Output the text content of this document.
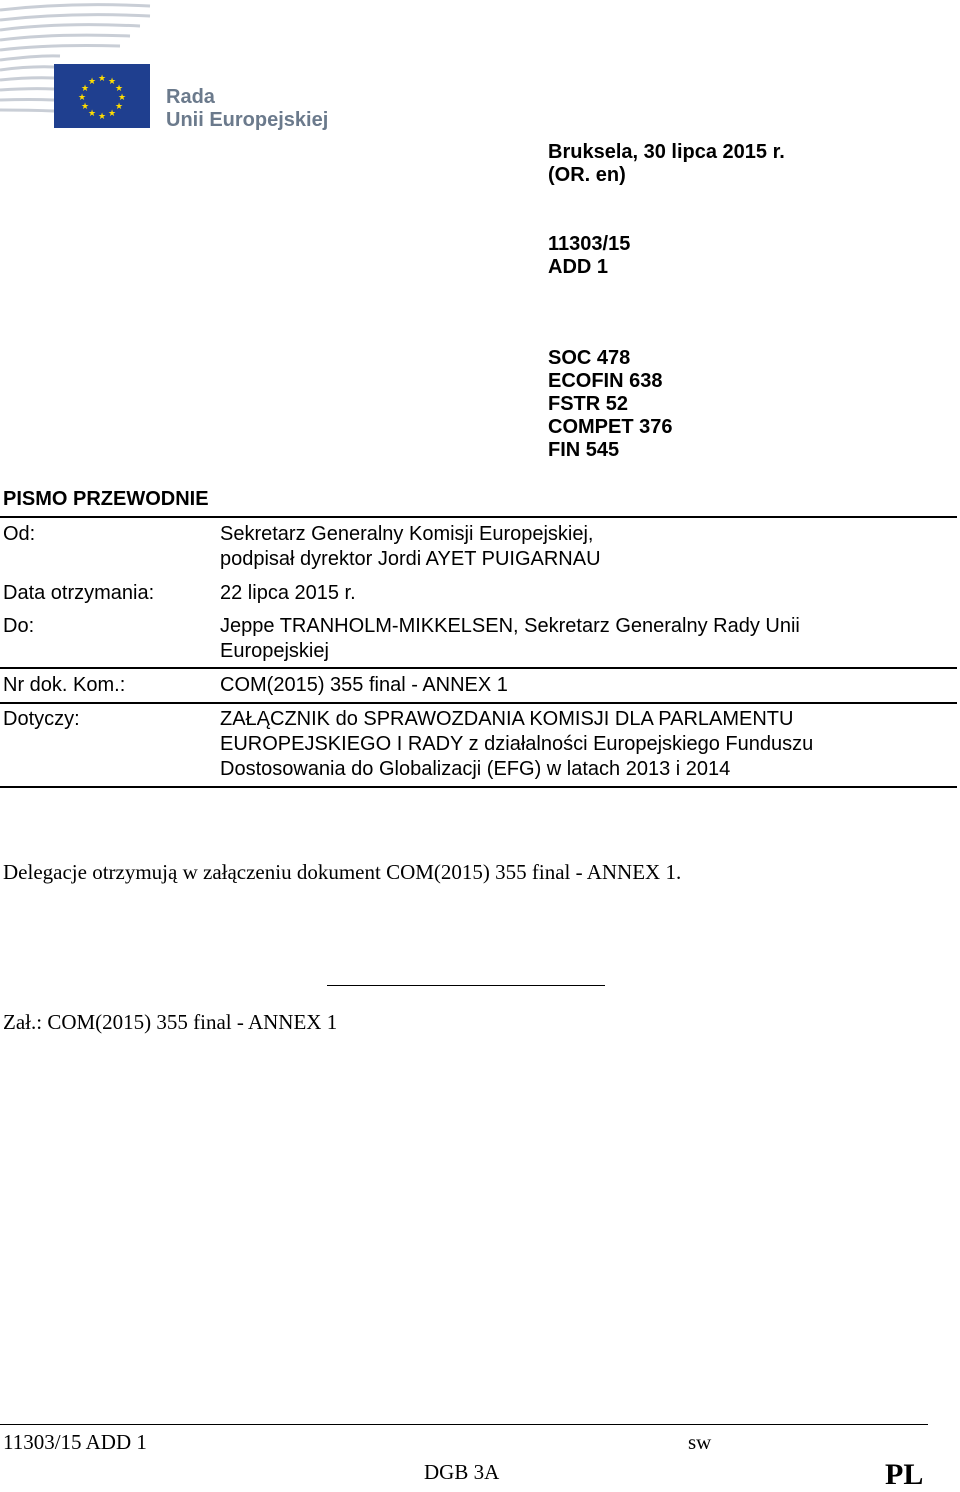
★ ★
★
★
★
★
★
★
★
★
★
★
Rada
Unii Europejskiej
Bruksela, 30 lipca 2015 r.
(OR. en)
11303/15
ADD 1
SOC 478
ECOFIN 638
FSTR 52
COMPET 376
FIN 545
PISMO PRZEWODNIE
Od:	Sekretarz Generalny Komisji Europejskiej,
podpisał dyrektor Jordi AYET PUIGARNAU
Data otrzymania:	22 lipca 2015 r.
Do:	Jeppe TRANHOLM-MIKKELSEN, Sekretarz Generalny Rady Unii Europejskiej
Nr dok. Kom.:	COM(2015) 355 final - ANNEX 1
Dotyczy:	ZAŁĄCZNIK do SPRAWOZDANIA KOMISJI DLA PARLAMENTU EUROPEJSKIEGO I RADY z działalności Europejskiego Funduszu Dostosowania do Globalizacji (EFG) w latach 2013 i 2014
Delegacje otrzymują w załączeniu dokument COM(2015) 355 final - ANNEX 1.
Zał.: COM(2015) 355 final - ANNEX 1
11303/15 ADD 1	sw
DGB 3A	PL
